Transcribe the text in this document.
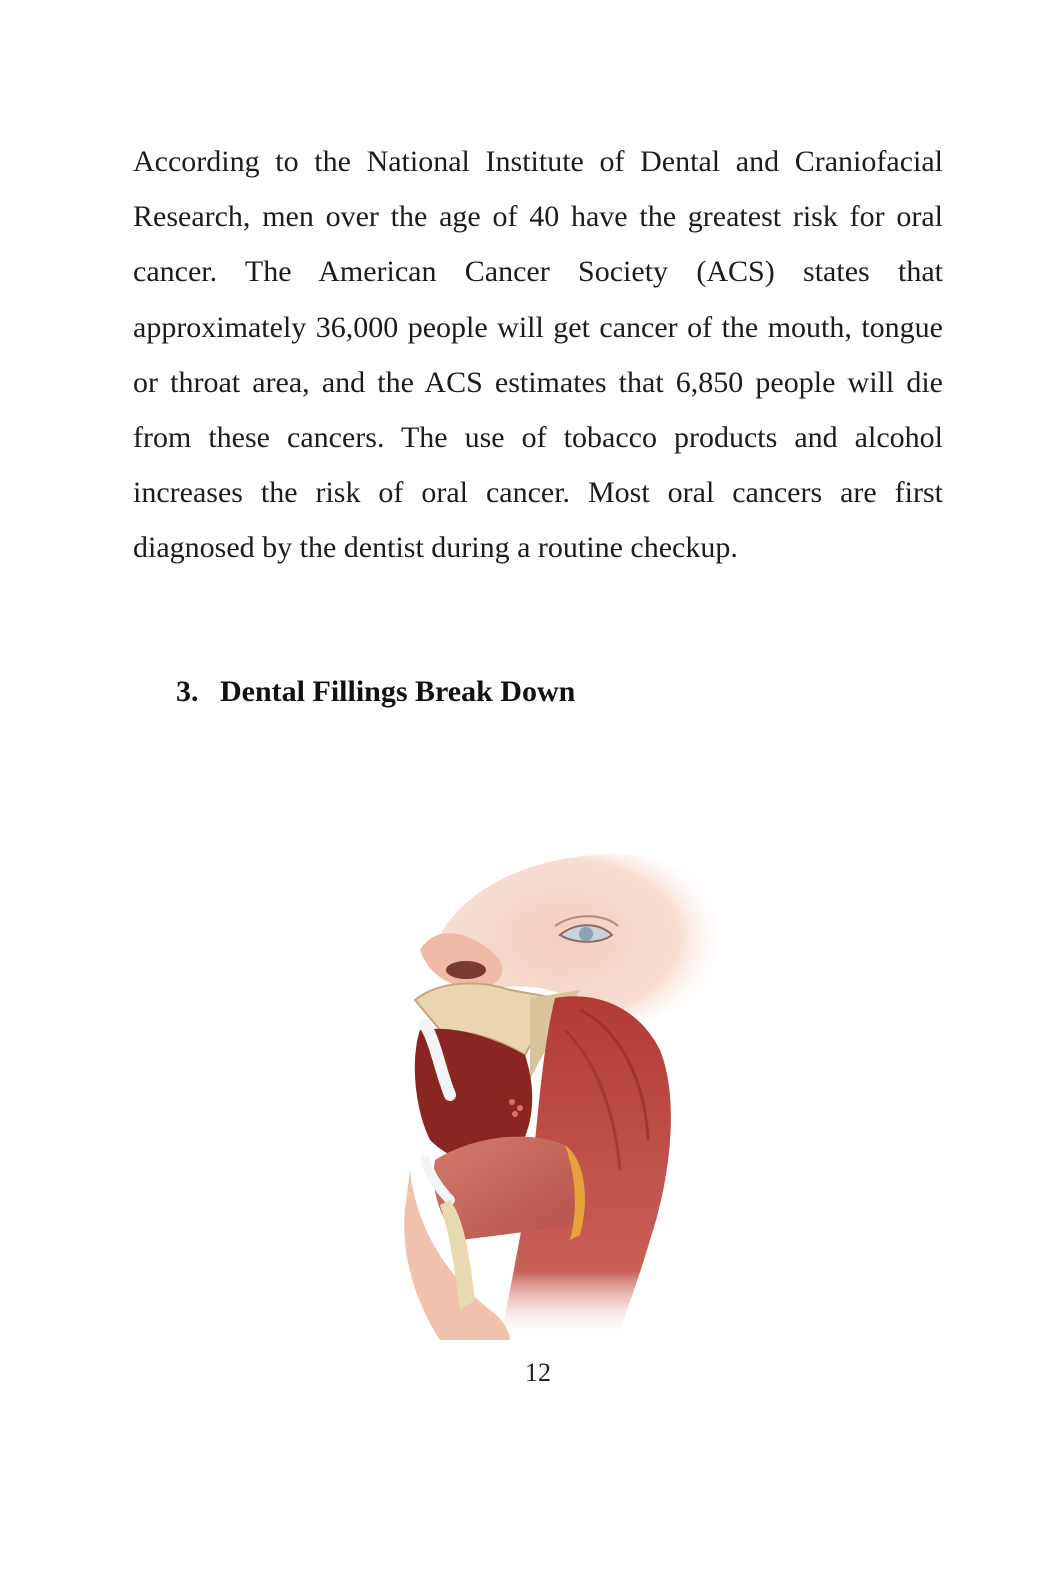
According to the National Institute of Dental and Craniofacial Research, men over the age of 40 have the greatest risk for oral cancer. The American Cancer Society (ACS) states that approximately 36,000 people will get cancer of the mouth, tongue or throat area, and the ACS estimates that 6,850 people will die from these cancers. The use of tobacco products and alcohol increases the risk of oral cancer. Most oral cancers are first diagnosed by the dentist during a routine checkup.

3. Dental Fillings Break Down
12
